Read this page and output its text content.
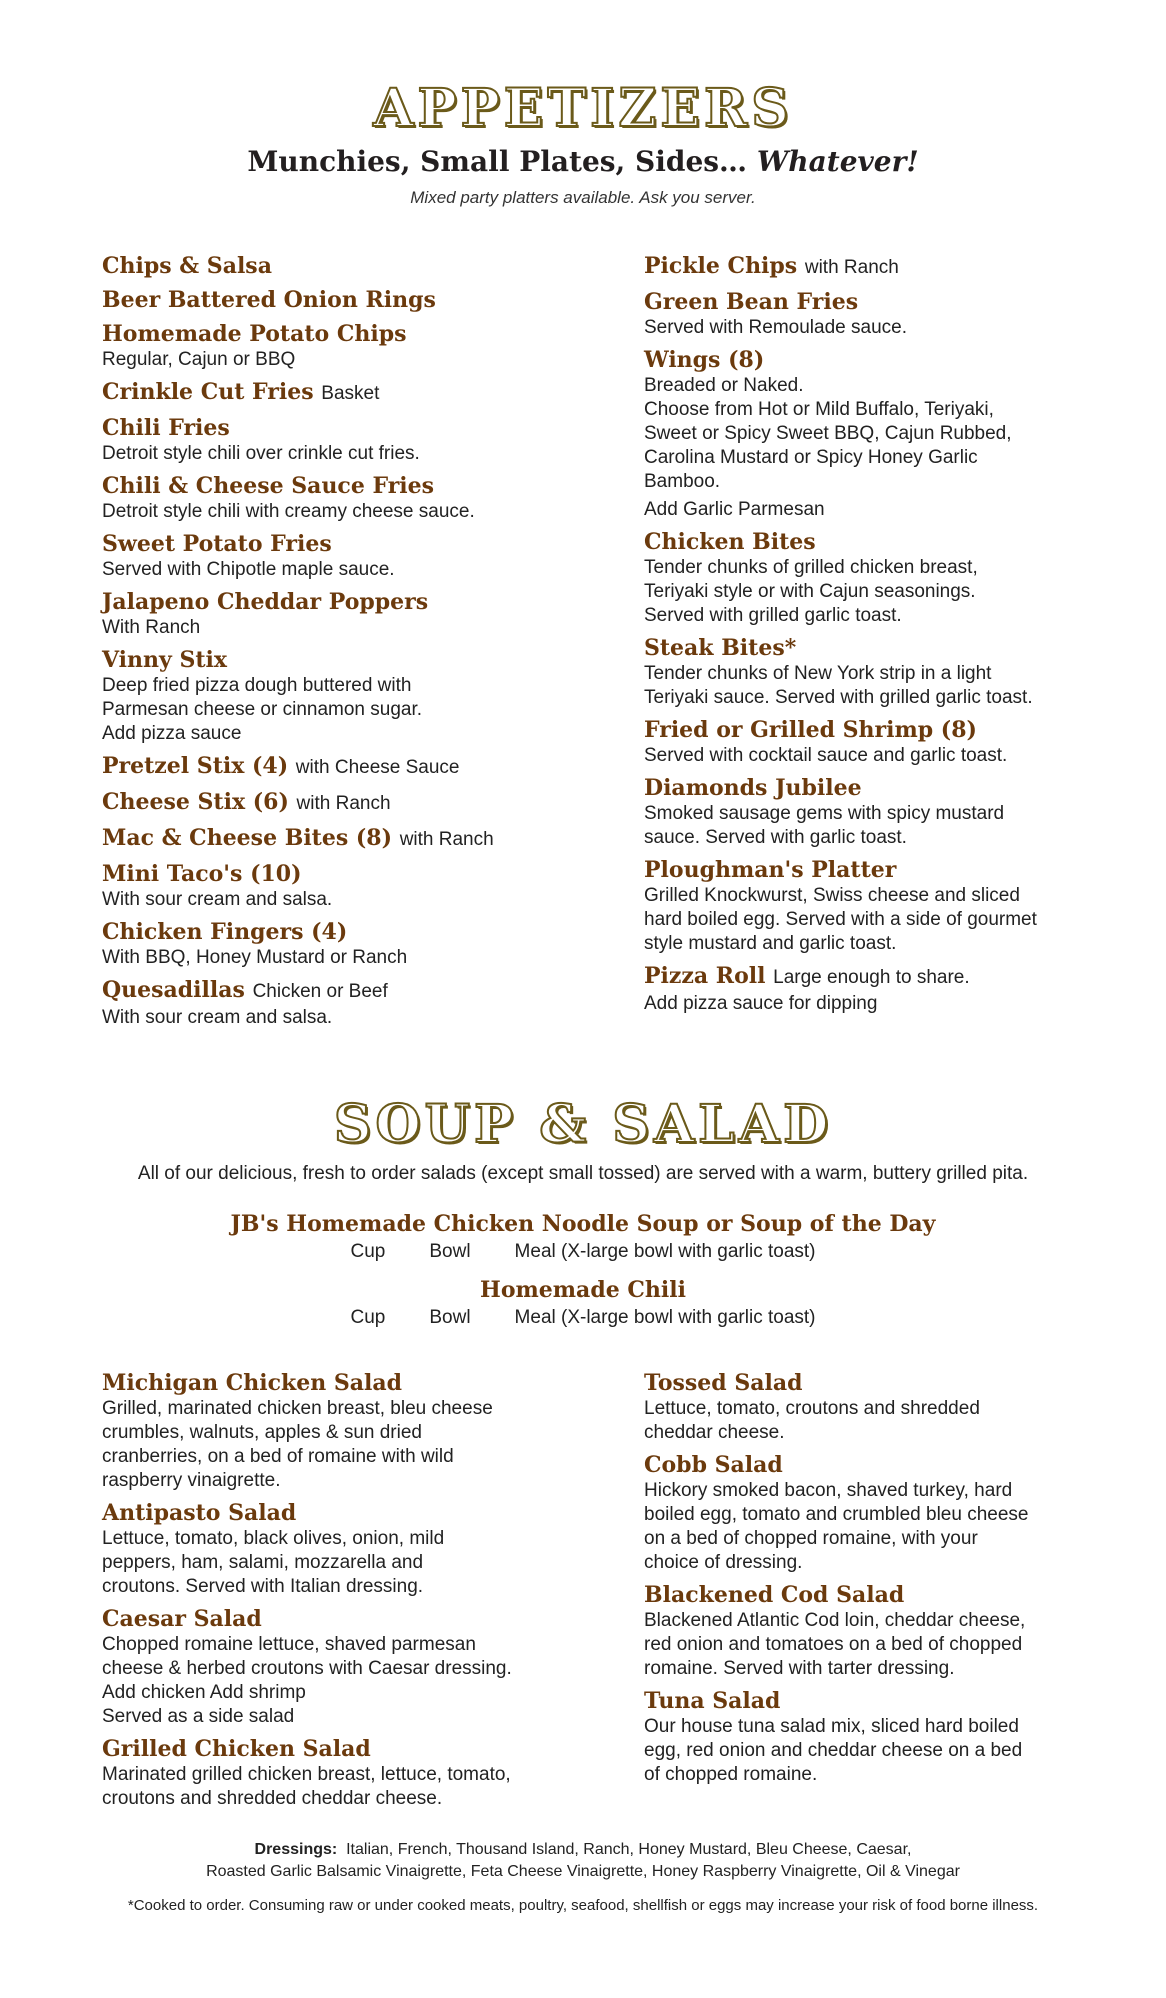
APPETIZERS
Munchies, Small Plates, Sides… Whatever!
Mixed party platters available. Ask you server.
Chips & Salsa
Beer Battered Onion Rings
Homemade Potato Chips
Regular, Cajun or BBQ
Crinkle Cut Fries Basket
Chili Fries
Detroit style chili over crinkle cut fries.
Chili & Cheese Sauce Fries
Detroit style chili with creamy cheese sauce.
Sweet Potato Fries
Served with Chipotle maple sauce.
Jalapeno Cheddar Poppers
With Ranch
Vinny Stix
Deep fried pizza dough buttered with
Parmesan cheese or cinnamon sugar.
Add pizza sauce
Pretzel Stix (4) with Cheese Sauce
Cheese Stix (6) with Ranch
Mac & Cheese Bites (8) with Ranch
Mini Taco's (10)
With sour cream and salsa.
Chicken Fingers (4)
With BBQ, Honey Mustard or Ranch
Quesadillas Chicken or Beef
With sour cream and salsa.
Pickle Chips with Ranch
Green Bean Fries
Served with Remoulade sauce.
Wings (8)
Breaded or Naked.
Choose from Hot or Mild Buffalo, Teriyaki,
Sweet or Spicy Sweet BBQ, Cajun Rubbed,
Carolina Mustard or Spicy Honey Garlic
Bamboo.
Add Garlic Parmesan
Chicken Bites
Tender chunks of grilled chicken breast,
Teriyaki style or with Cajun seasonings.
Served with grilled garlic toast.
Steak Bites*
Tender chunks of New York strip in a light
Teriyaki sauce. Served with grilled garlic toast.
Fried or Grilled Shrimp (8)
Served with cocktail sauce and garlic toast.
Diamonds Jubilee
Smoked sausage gems with spicy mustard
sauce. Served with garlic toast.
Ploughman's Platter
Grilled Knockwurst, Swiss cheese and sliced
hard boiled egg. Served with a side of gourmet
style mustard and garlic toast.
Pizza Roll Large enough to share.
Add pizza sauce for dipping
SOUP & SALAD
All of our delicious, fresh to order salads (except small tossed) are served with a warm, buttery grilled pita.
JB's Homemade Chicken Noodle Soup or Soup of the Day
Cup Bowl Meal (X-large bowl with garlic toast)
Homemade Chili
Cup Bowl Meal (X-large bowl with garlic toast)
Michigan Chicken Salad
Grilled, marinated chicken breast, bleu cheese
crumbles, walnuts, apples & sun dried
cranberries, on a bed of romaine with wild
raspberry vinaigrette.
Antipasto Salad
Lettuce, tomato, black olives, onion, mild
peppers, ham, salami, mozzarella and
croutons. Served with Italian dressing.
Caesar Salad
Chopped romaine lettuce, shaved parmesan
cheese & herbed croutons with Caesar dressing.
Add chicken Add shrimp
Served as a side salad
Grilled Chicken Salad
Marinated grilled chicken breast, lettuce, tomato,
croutons and shredded cheddar cheese.
Tossed Salad
Lettuce, tomato, croutons and shredded
cheddar cheese.
Cobb Salad
Hickory smoked bacon, shaved turkey, hard
boiled egg, tomato and crumbled bleu cheese
on a bed of chopped romaine, with your
choice of dressing.
Blackened Cod Salad
Blackened Atlantic Cod loin, cheddar cheese,
red onion and tomatoes on a bed of chopped
romaine. Served with tarter dressing.
Tuna Salad
Our house tuna salad mix, sliced hard boiled
egg, red onion and cheddar cheese on a bed
of chopped romaine.
Dressings: Italian, French, Thousand Island, Ranch, Honey Mustard, Bleu Cheese, Caesar,
Roasted Garlic Balsamic Vinaigrette, Feta Cheese Vinaigrette, Honey Raspberry Vinaigrette, Oil & Vinegar
*Cooked to order. Consuming raw or under cooked meats, poultry, seafood, shellfish or eggs may increase your risk of food borne illness.
